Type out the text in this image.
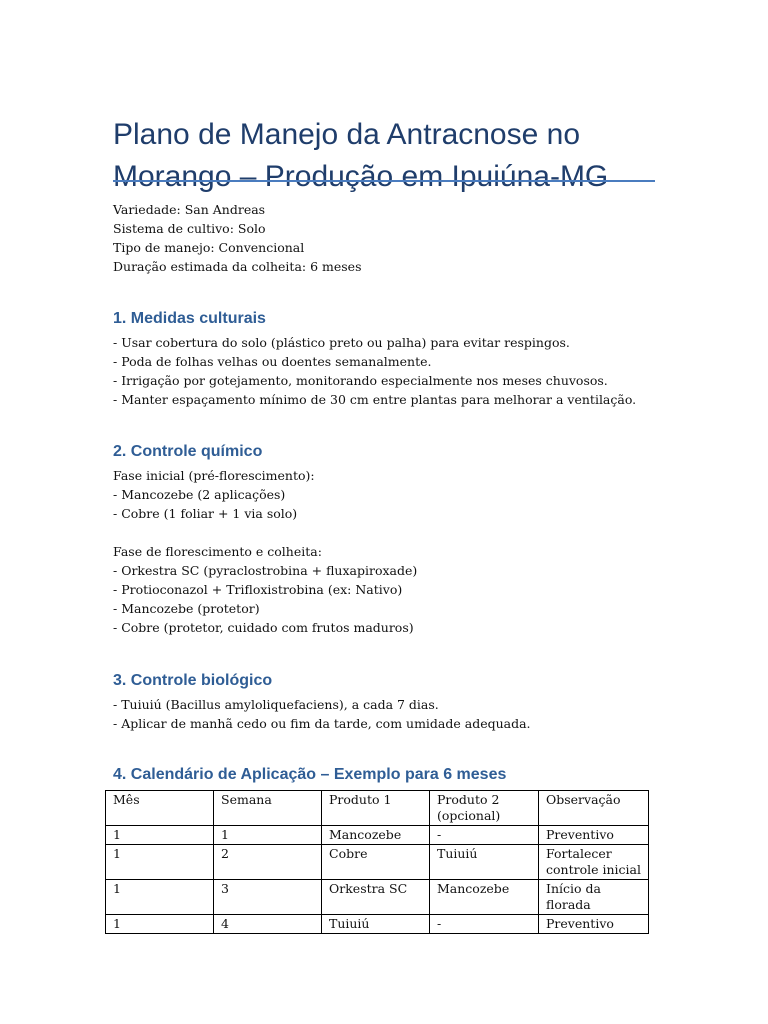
Plano de Manejo da Antracnose no Morango – Produção em Ipuiúna-MG
Variedade: San Andreas
Sistema de cultivo: Solo
Tipo de manejo: Convencional
Duração estimada da colheita: 6 meses
1. Medidas culturais
- Usar cobertura do solo (plástico preto ou palha) para evitar respingos.
- Poda de folhas velhas ou doentes semanalmente.
- Irrigação por gotejamento, monitorando especialmente nos meses chuvosos.
- Manter espaçamento mínimo de 30 cm entre plantas para melhorar a ventilação.
2. Controle químico
Fase inicial (pré-florescimento):
- Mancozebe (2 aplicações)
- Cobre (1 foliar + 1 via solo)
Fase de florescimento e colheita:
- Orkestra SC (pyraclostrobina + fluxapiroxade)
- Protioconazol + Trifloxistrobina (ex: Nativo)
- Mancozebe (protetor)
- Cobre (protetor, cuidado com frutos maduros)
3. Controle biológico
- Tuiuiú (Bacillus amyloliquefaciens), a cada 7 dias.
- Aplicar de manhã cedo ou fim da tarde, com umidade adequada.
4. Calendário de Aplicação – Exemplo para 6 meses
Mês	Semana	Produto 1	Produto 2 (opcional)	Observação
1	1	Mancozebe	-	Preventivo
1	2	Cobre	Tuiuiú	Fortalecer controle inicial
1	3	Orkestra SC	Mancozebe	Início da florada
1	4	Tuiuiú	-	Preventivo
